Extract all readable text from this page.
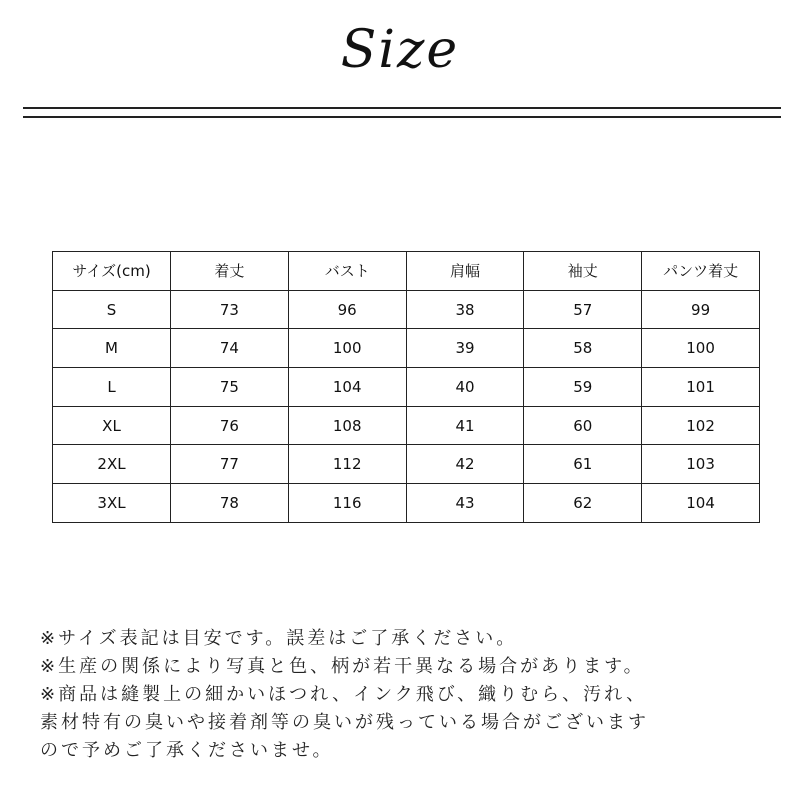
Size
サイズ(cm)	着丈	バスト	肩幅	袖丈	パンツ着丈
S	73	96	38	57	99
M	74	100	39	58	100
L	75	104	40	59	101
XL	76	108	41	60	102
2XL	77	112	42	61	103
3XL	78	116	43	62	104
※サイズ表記は目安です。誤差はご了承ください。
※生産の関係により写真と色、柄が若干異なる場合があります。
※商品は縫製上の細かいほつれ、インク飛び、織りむら、汚れ、
素材特有の臭いや接着剤等の臭いが残っている場合がございます
ので予めご了承くださいませ。
